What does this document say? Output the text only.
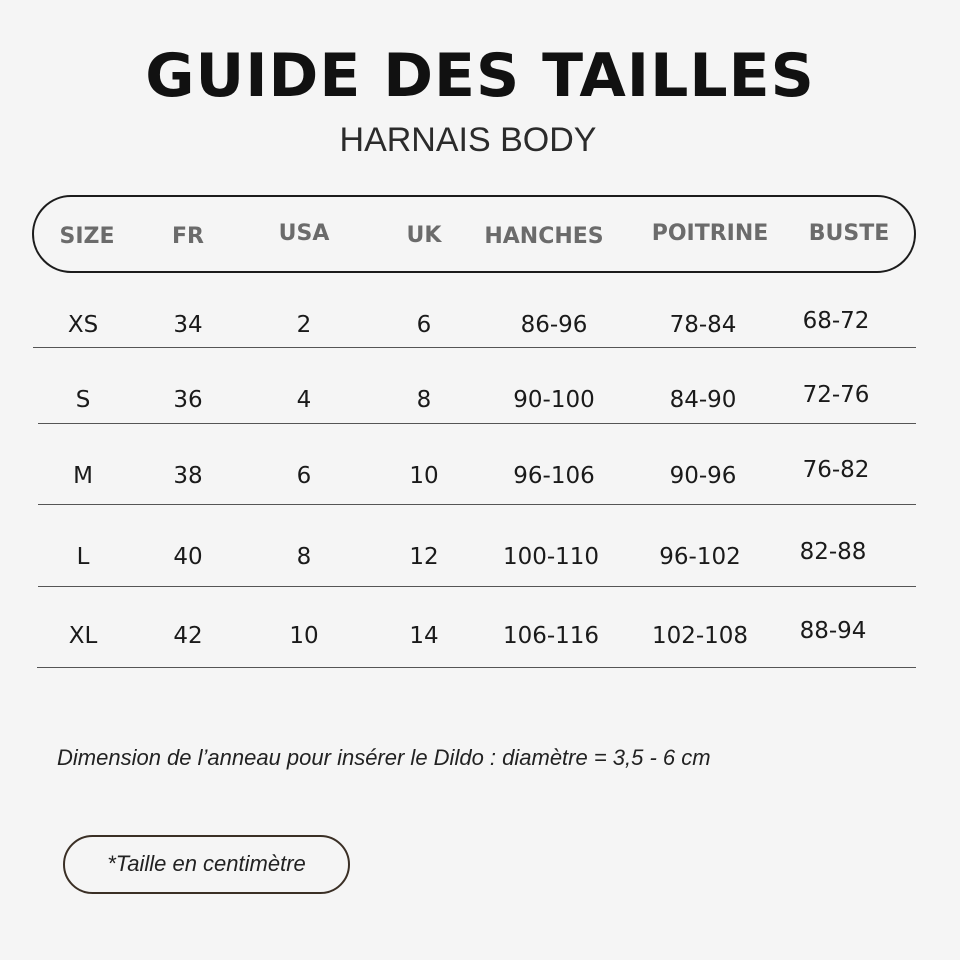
GUIDE DES TAILLES
HARNAIS BODY
SIZE	FR	USA	UK HANCHES POITRINE BUSTE
XS	34	2	6	86-96	78-84	68-72
S	36	4	8	90-100	84-90	72-76
M	38	6	10	96-106	90-96	76-82
L	40	8	12	100-110	96-102	82-88
XL	42	10	14	106-116 102-108 88-94
Dimension de l’anneau pour insérer le Dildo : diamètre = 3,5 - 6 cm
*Taille en centimètre
